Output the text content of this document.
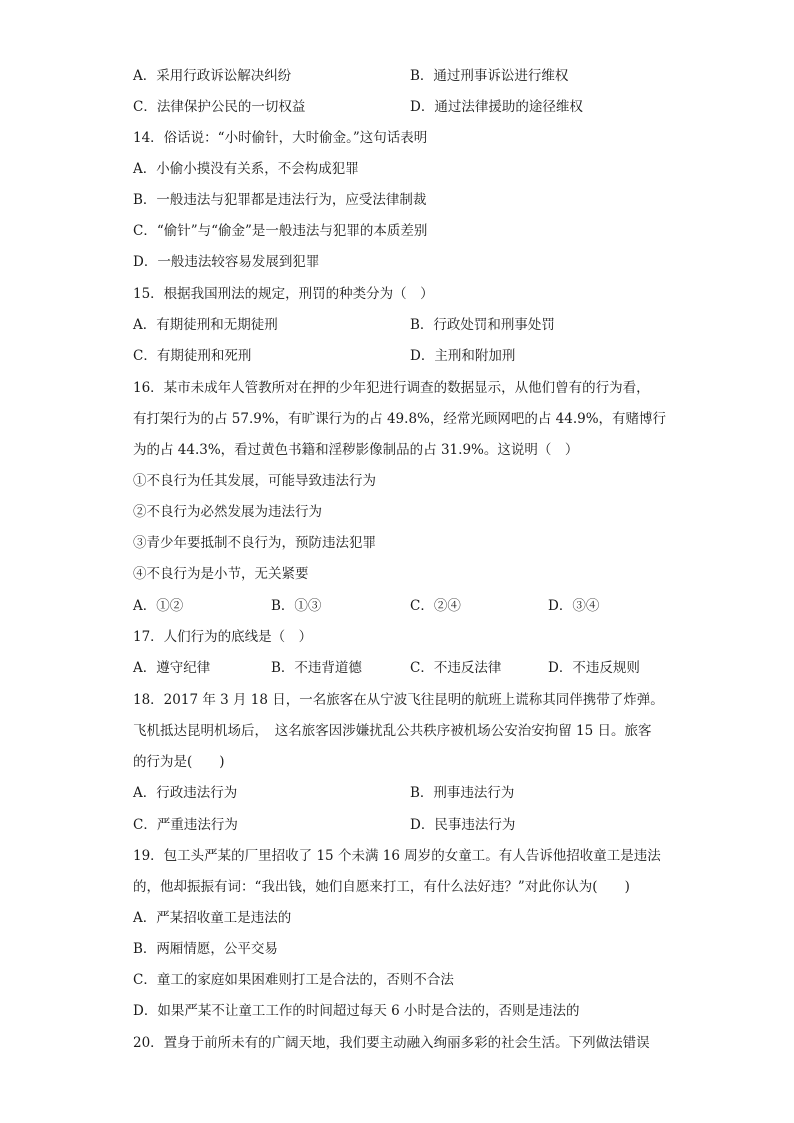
A．采用行政诉讼解决纠纷	B．通过刑事诉讼进行维权
C．法律保护公民的一切权益	D．通过法律援助的途径维权
14．俗话说：“小时偷针，大时偷金。”这句话表明
A．小偷小摸没有关系，不会构成犯罪
B．一般违法与犯罪都是违法行为，应受法律制裁
C．“偷针”与“偷金”是一般违法与犯罪的本质差别
D．一般违法较容易发展到犯罪
15．根据我国刑法的规定，刑罚的种类分为（　）
A．有期徒刑和无期徒刑	B．行政处罚和刑事处罚
C．有期徒刑和死刑	D．主刑和附加刑
16．某市未成年人管教所对在押的少年犯进行调查的数据显示，从他们曾有的行为看，
有打架行为的占 57.9%，有旷课行为的占 49.8%，经常光顾网吧的占 44.9%，有赌博行
为的占 44.3%，看过黄色书籍和淫秽影像制品的占 31.9%。这说明（　）
①不良行为任其发展，可能导致违法行为
②不良行为必然发展为违法行为
③青少年要抵制不良行为，预防违法犯罪
④不良行为是小节，无关紧要
A．①②	B．①③	C．②④	D．③④
17．人们行为的底线是（　）
A．遵守纪律	B．不违背道德	C．不违反法律	D．不违反规则
18．2017 年 3 月 18 日，一名旅客在从宁波飞往昆明的航班上谎称其同伴携带了炸弹。
飞机抵达昆明机场后，　这名旅客因涉嫌扰乱公共秩序被机场公安治安拘留 15 日。旅客
的行为是(　　)
A．行政违法行为	B．刑事违法行为
C．严重违法行为	D．民事违法行为
19．包工头严某的厂里招收了 15 个未满 16 周岁的女童工。有人告诉他招收童工是违法
的，他却振振有词：“我出钱，她们自愿来打工，有什么法好违？”对此你认为(　　)
A．严某招收童工是违法的
B．两厢情愿，公平交易
C．童工的家庭如果困难则打工是合法的，否则不合法
D．如果严某不让童工工作的时间超过每天 6 小时是合法的，否则是违法的
20．置身于前所未有的广阔天地，我们要主动融入绚丽多彩的社会生活。下列做法错误
